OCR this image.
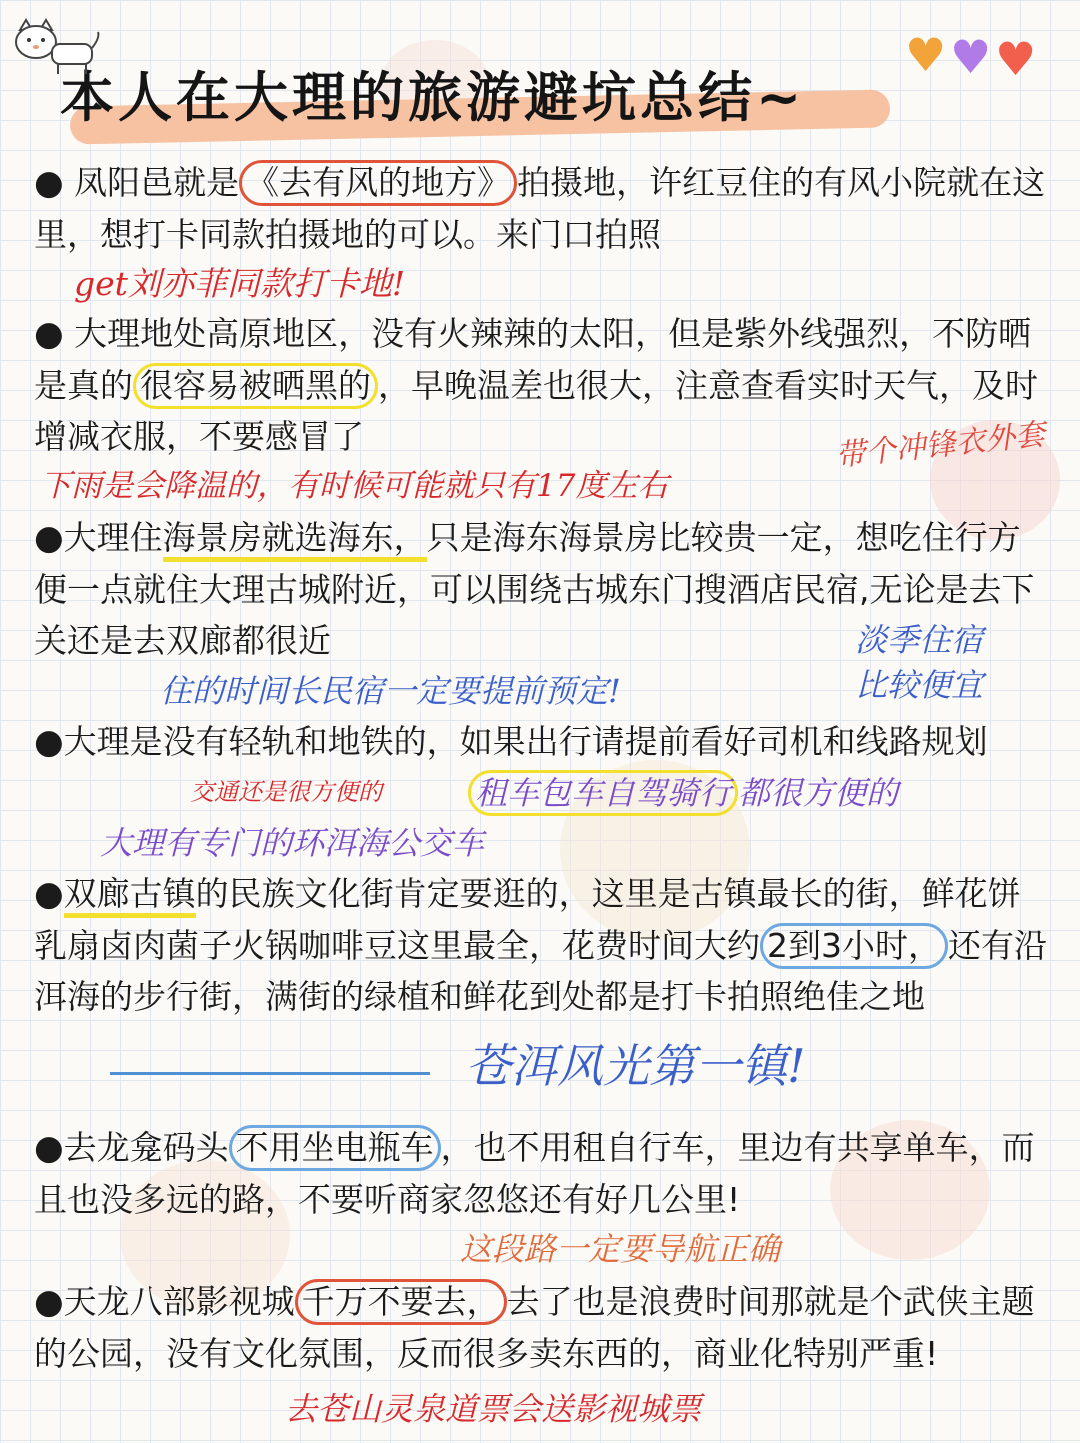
♥ ♥ ♥
本人在大理的旅游避坑总结~
● 凤阳邑就是 《去有风的地方》 拍摄地，许红豆住的有风小院就在这里，想打卡同款拍摄地的可以。来门口拍照
get刘亦菲同款打卡地!
● 大理地处高原地区，没有火辣辣的太阳，但是紫外线强烈，不防晒是真的 很容易被晒黑的 ，早晚温差也很大，注意查看实时天气，及时增减衣服，不要感冒了
下雨是会降温的，有时候可能就只有17度左右
带个冲锋衣外套
●大理住海景房就选海东，只是海东海景房比较贵一定，想吃住行方便一点就住大理古城附近，可以围绕古城东门搜酒店民宿,无论是去下关还是去双廊都很近
住的时间长民宿一定要提前预定!
淡季住宿
比较便宜
●大理是没有轻轨和地铁的，如果出行请提前看好司机和线路规划
交通还是很方便的	租车包车自驾骑行 都很方便的
大理有专门的环洱海公交车
●双廊古镇的民族文化街肯定要逛的，这里是古镇最长的街，鲜花饼乳扇卤肉菌子火锅咖啡豆这里最全，花费时间大约 2到3小时， 还有沿洱海的步行街，满街的绿植和鲜花到处都是打卡拍照绝佳之地
苍洱风光第一镇!
●去龙龛码头 不用坐电瓶车 ，也不用租自行车，里边有共享单车，而且也没多远的路，不要听商家忽悠还有好几公里!
这段路一定要导航正确
●天龙八部影视城 千万不要去， 去了也是浪费时间那就是个武侠主题的公园，没有文化氛围，反而很多卖东西的，商业化特别严重!
去苍山灵泉道票会送影视城票
